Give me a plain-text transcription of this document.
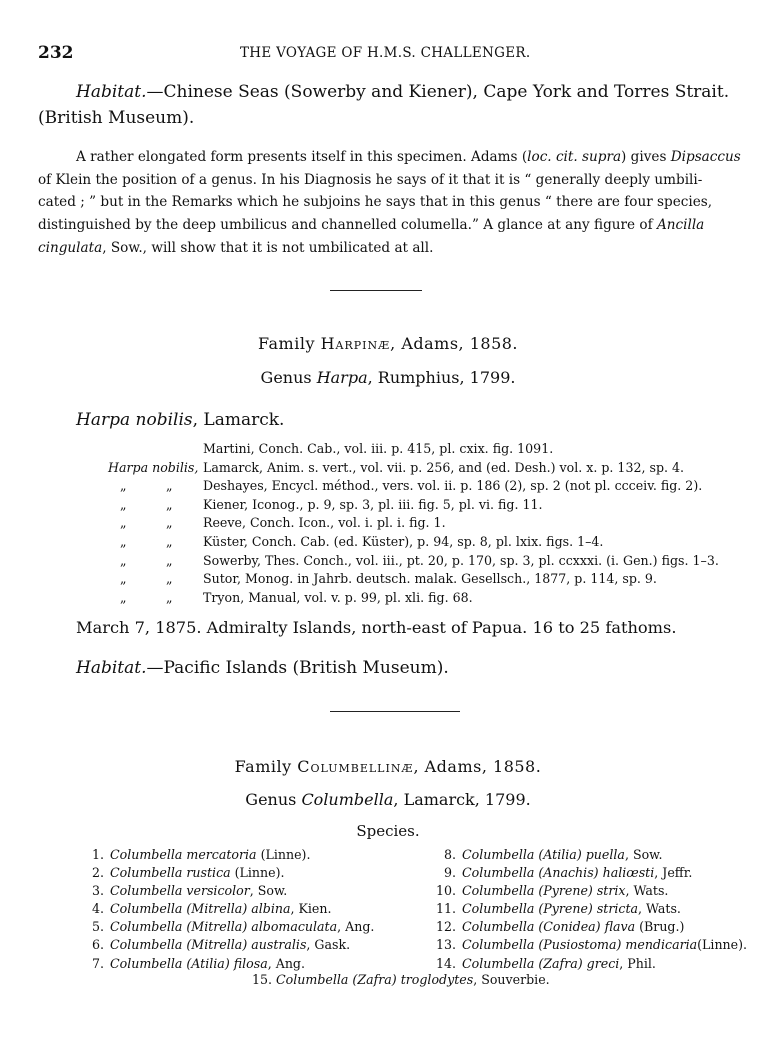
232	THE VOYAGE OF H.M.S. CHALLENGER.
Habitat.—Chinese Seas (Sowerby and Kiener), Cape York and Torres Strait.
(British Museum).
A rather elongated form presents itself in this specimen. Adams (loc. cit. supra) gives Dipsaccus
of Klein the position of a genus. In his Diagnosis he says of it that it is “ generally deeply umbili-
cated ; ” but in the Remarks which he subjoins he says that in this genus “ there are four species,
distinguished by the deep umbilicus and channelled columella.” A glance at any figure of Ancilla
cingulata, Sow., will show that it is not umbilicated at all.
Family Harpinæ, Adams, 1858.
Genus Harpa, Rumphius, 1799.
Harpa nobilis, Lamarck.
Martini, Conch. Cab., vol. iii. p. 415, pl. cxix. fig. 1091.
Harpa nobilis, Lamarck, Anim. s. vert., vol. vii. p. 256, and (ed. Desh.) vol. x. p. 132, sp. 4.
„	„ Deshayes, Encycl. méthod., vers. vol. ii. p. 186 (2), sp. 2 (not pl. ccceiv. fig. 2).
„	„ Kiener, Iconog., p. 9, sp. 3, pl. iii. fig. 5, pl. vi. fig. 11.
„	„ Reeve, Conch. Icon., vol. i. pl. i. fig. 1.
„	„ Küster, Conch. Cab. (ed. Küster), p. 94, sp. 8, pl. lxix. figs. 1–4.
„	„ Sowerby, Thes. Conch., vol. iii., pt. 20, p. 170, sp. 3, pl. ccxxxi. (i. Gen.) figs. 1–3.
„	„ Sutor, Monog. in Jahrb. deutsch. malak. Gesellsch., 1877, p. 114, sp. 9.
„	„ Tryon, Manual, vol. v. p. 99, pl. xli. fig. 68.
March 7, 1875. Admiralty Islands, north-east of Papua. 16 to 25 fathoms.
Habitat.—Pacific Islands (British Museum).
Family Columbellinæ, Adams, 1858.
Genus Columbella, Lamarck, 1799.
Species.
1. Columbella mercatoria (Linne).
2. Columbella rustica (Linne).
3. Columbella versicolor, Sow.
4. Columbella (Mitrella) albina, Kien.
5. Columbella (Mitrella) albomaculata, Ang.
6. Columbella (Mitrella) australis, Gask.
7. Columbella (Atilia) filosa, Ang.
8. Columbella (Atilia) puella, Sow.
9. Columbella (Anachis) haliœsti, Jeffr.
10. Columbella (Pyrene) strix, Wats.
11. Columbella (Pyrene) stricta, Wats.
12. Columbella (Conidea) flava (Brug.)
13. Columbella (Pusiostoma) mendicaria(Linne).
14. Columbella (Zafra) greci, Phil.
15. Columbella (Zafra) troglodytes, Souverbie.
